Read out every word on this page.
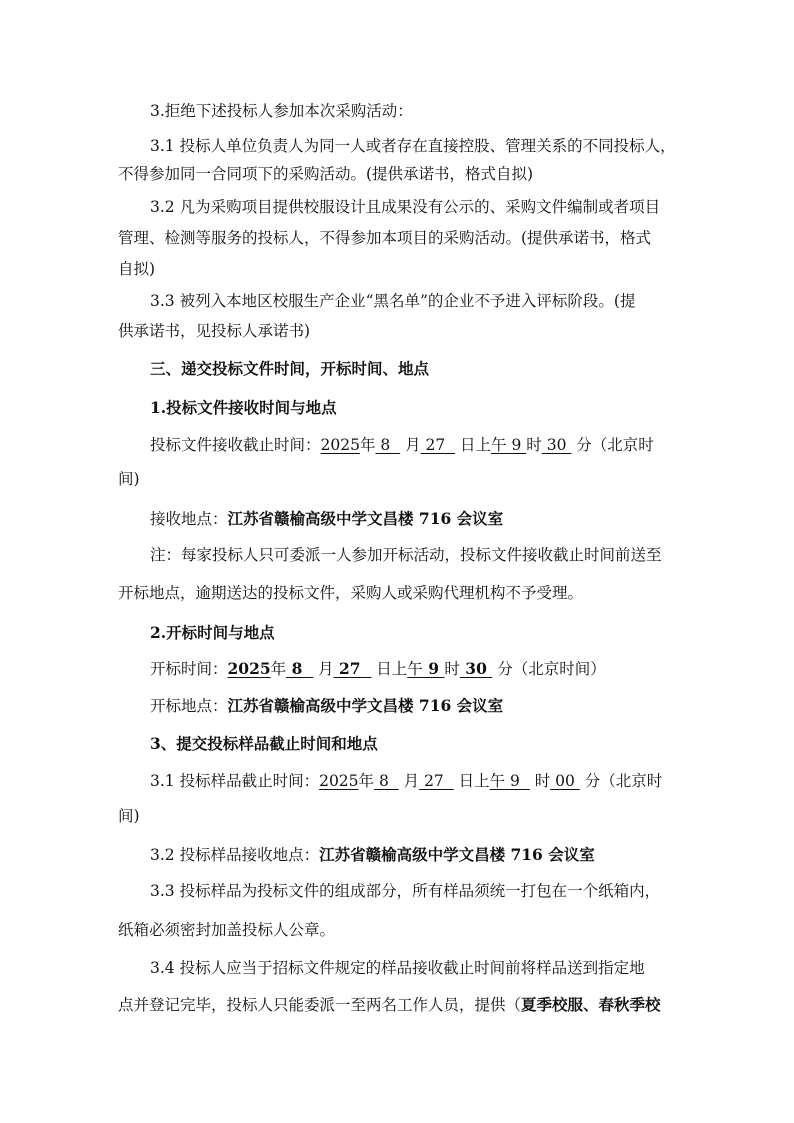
3.拒绝下述投标人参加本次采购活动：
3.1 投标人单位负责人为同一人或者存在直接控股、管理关系的不同投标人，
不得参加同一合同项下的采购活动。(提供承诺书，格式自拟)
3.2 凡为采购项目提供校服设计且成果没有公示的、采购文件编制或者项目
管理、检测等服务的投标人，不得参加本项目的采购活动。(提供承诺书，格式
自拟)
3.3 被列入本地区校服生产企业“黑名单”的企业不予进入评标阶段。(提
供承诺书，见投标人承诺书)
三、递交投标文件时间，开标时间、地点
1.投标文件接收时间与地点
投标文件接收截止时间：2025年 8   月 27   日上午 9 时 30  分（北京时
间)
接收地点：江苏省赣榆高级中学文昌楼 716 会议室
注：每家投标人只可委派一人参加开标活动，投标文件接收截止时间前送至
开标地点，逾期送达的投标文件，采购人或采购代理机构不予受理。
2.开标时间与地点
开标时间：2025年 8   月 27   日上午 9 时 30  分（北京时间）
开标地点：江苏省赣榆高级中学文昌楼 716 会议室
3、提交投标样品截止时间和地点
3.1 投标样品截止时间：2025年 8   月 27   日上午 9   时 00  分（北京时
间)
3.2 投标样品接收地点：江苏省赣榆高级中学文昌楼 716 会议室
3.3 投标样品为投标文件的组成部分，所有样品须统一打包在一个纸箱内，
纸箱必须密封加盖投标人公章。
3.4 投标人应当于招标文件规定的样品接收截止时间前将样品送到指定地
点并登记完毕，投标人只能委派一至两名工作人员，提供（夏季校服、春秋季校
